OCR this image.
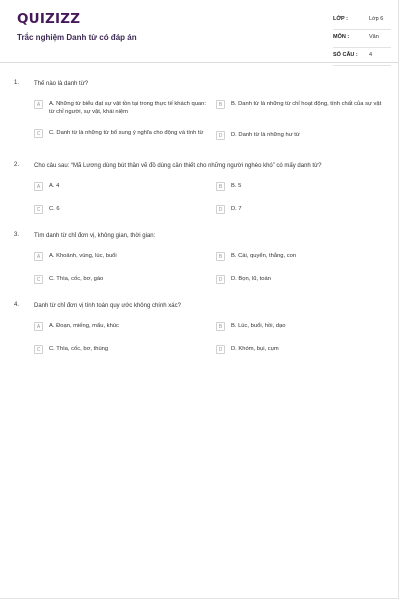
QUIZIZZ
Trắc nghiệm Danh từ có đáp án
LỚP :	Lớp 6
MÔN :	Văn
SỐ CÂU : 4
1. Thế nào là danh từ?
A	A. Những từ biểu đạt sự vật tồn tại trong thực tế khách quan: từ chỉ người, sự vật, khái niệm
B	B. Danh từ là những từ chỉ hoạt động, tính chất của sự vật
C	C. Danh từ là những từ bổ sung ý nghĩa cho động và tính từ	D	D. Danh từ là những hư từ
2. Cho câu sau: “Mã Lương dùng bút thần vẽ đồ dùng cần thiết cho những người nghèo khó” có mấy danh từ?
A	A. 4	B	B. 5
C	C. 6	D	D. 7
3. Tìm danh từ chỉ đơn vị, không gian, thời gian:
A	A. Khoảnh, vùng, lúc, buổi	B	B. Cái, quyển, thằng, con
C	C. Thìa, cốc, bơ, gáo	D	D. Bọn, lũ, toán
4. Danh từ chỉ đơn vị tính toán quy ước không chính xác?
A	A. Đoạn, miếng, mẩu, khúc	B	B. Lúc, buổi, hồi, dạo
C	C. Thìa, cốc, bơ, thùng	D	D. Khóm, bụi, cụm
